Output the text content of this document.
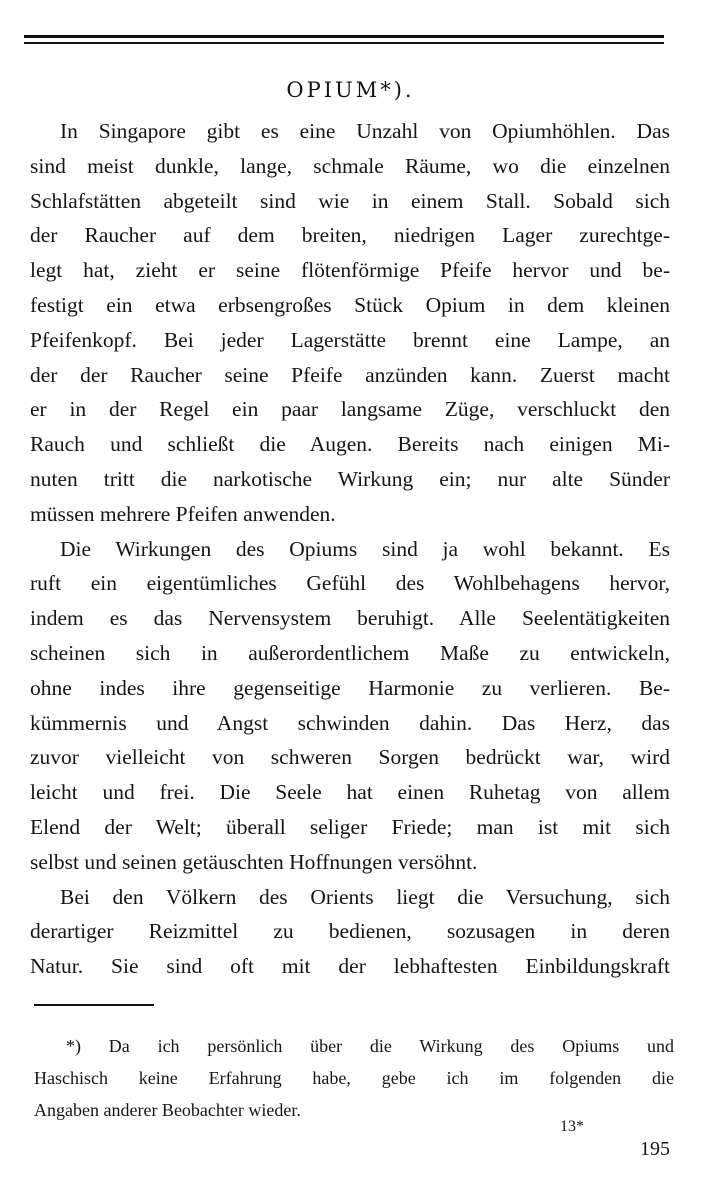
OPIUM*).
In Singapore gibt es eine Unzahl von Opiumhöhlen. Das
sind meist dunkle, lange, schmale Räume, wo die einzelnen
Schlafstätten abgeteilt sind wie in einem Stall. Sobald sich
der Raucher auf dem breiten, niedrigen Lager zurechtge-
legt hat, zieht er seine flötenförmige Pfeife hervor und be-
festigt ein etwa erbsengroßes Stück Opium in dem kleinen
Pfeifenkopf. Bei jeder Lagerstätte brennt eine Lampe, an
der der Raucher seine Pfeife anzünden kann. Zuerst macht
er in der Regel ein paar langsame Züge, verschluckt den
Rauch und schließt die Augen. Bereits nach einigen Mi-
nuten tritt die narkotische Wirkung ein; nur alte Sünder
müssen mehrere Pfeifen anwenden.
Die Wirkungen des Opiums sind ja wohl bekannt. Es
ruft ein eigentümliches Gefühl des Wohlbehagens hervor,
indem es das Nervensystem beruhigt. Alle Seelentätigkeiten
scheinen sich in außerordentlichem Maße zu entwickeln,
ohne indes ihre gegenseitige Harmonie zu verlieren. Be-
kümmernis und Angst schwinden dahin. Das Herz, das
zuvor vielleicht von schweren Sorgen bedrückt war, wird
leicht und frei. Die Seele hat einen Ruhetag von allem
Elend der Welt; überall seliger Friede; man ist mit sich
selbst und seinen getäuschten Hoffnungen versöhnt.
Bei den Völkern des Orients liegt die Versuchung, sich
derartiger Reizmittel zu bedienen, sozusagen in deren
Natur. Sie sind oft mit der lebhaftesten Einbildungskraft
*) Da ich persönlich über die Wirkung des Opiums und
Haschisch keine Erfahrung habe, gebe ich im folgenden die
Angaben anderer Beobachter wieder.
13*
195
